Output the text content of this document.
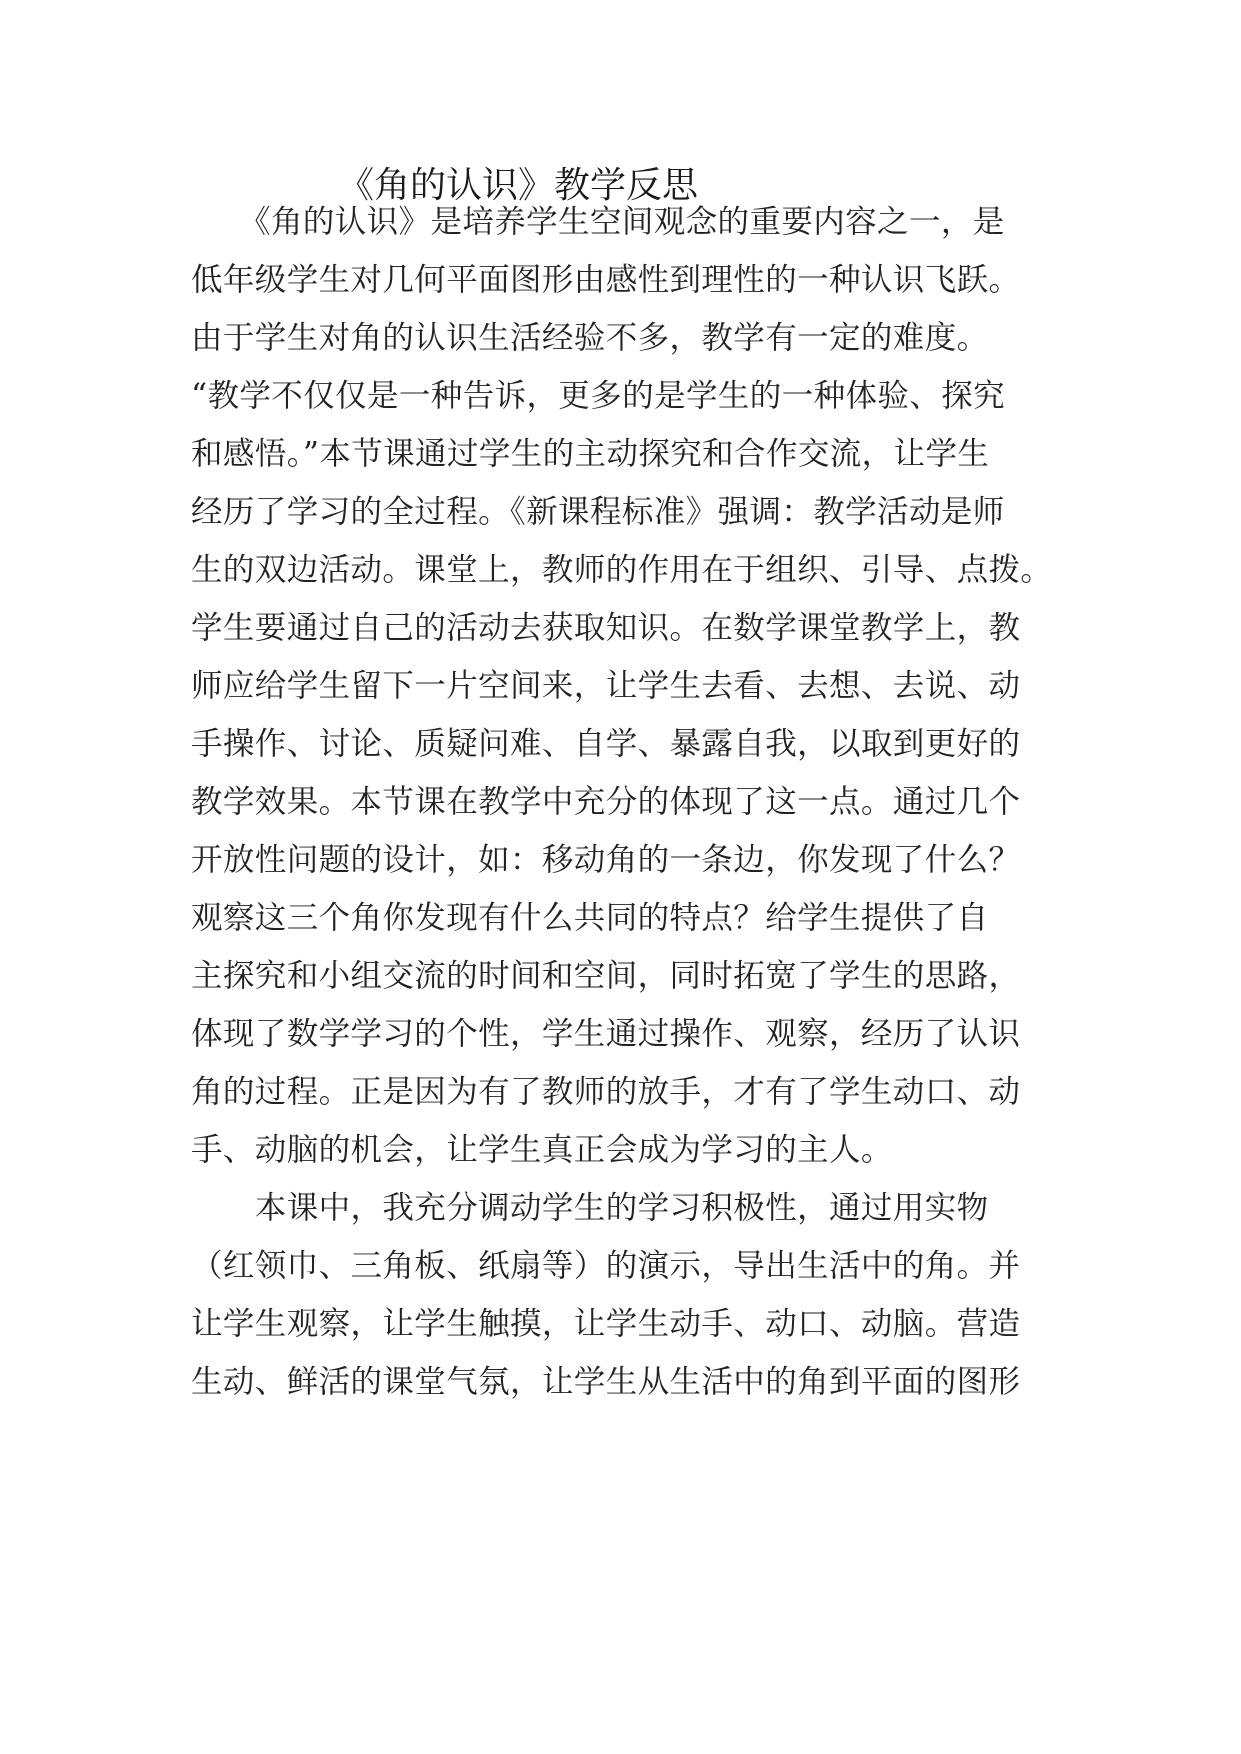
《角的认识》教学反思
　　《角的认识》是培养学生空间观念的重要内容之一，是
低年级学生对几何平面图形由感性到理性的一种认识飞跃。
由于学生对角的认识生活经验不多，教学有一定的难度。
“教学不仅仅是一种告诉，更多的是学生的一种体验、探究
和感悟。”本节课通过学生的主动探究和合作交流，让学生
经历了学习的全过程。《新课程标准》强调：教学活动是师
生的双边活动。课堂上，教师的作用在于组织、引导、点拨。
学生要通过自己的活动去获取知识。在数学课堂教学上，教
师应给学生留下一片空间来，让学生去看、去想、去说、动
手操作、讨论、质疑问难、自学、暴露自我，以取到更好的
教学效果。本节课在教学中充分的体现了这一点。通过几个
开放性问题的设计，如：移动角的一条边，你发现了什么？
观察这三个角你发现有什么共同的特点？给学生提供了自
主探究和小组交流的时间和空间，同时拓宽了学生的思路，
体现了数学学习的个性，学生通过操作、观察，经历了认识
角的过程。正是因为有了教师的放手，才有了学生动口、动
手、动脑的机会，让学生真正会成为学习的主人。
　　本课中，我充分调动学生的学习积极性，通过用实物
（红领巾、三角板、纸扇等）的演示，导出生活中的角。并
让学生观察，让学生触摸，让学生动手、动口、动脑。营造
生动、鲜活的课堂气氛，让学生从生活中的角到平面的图形
